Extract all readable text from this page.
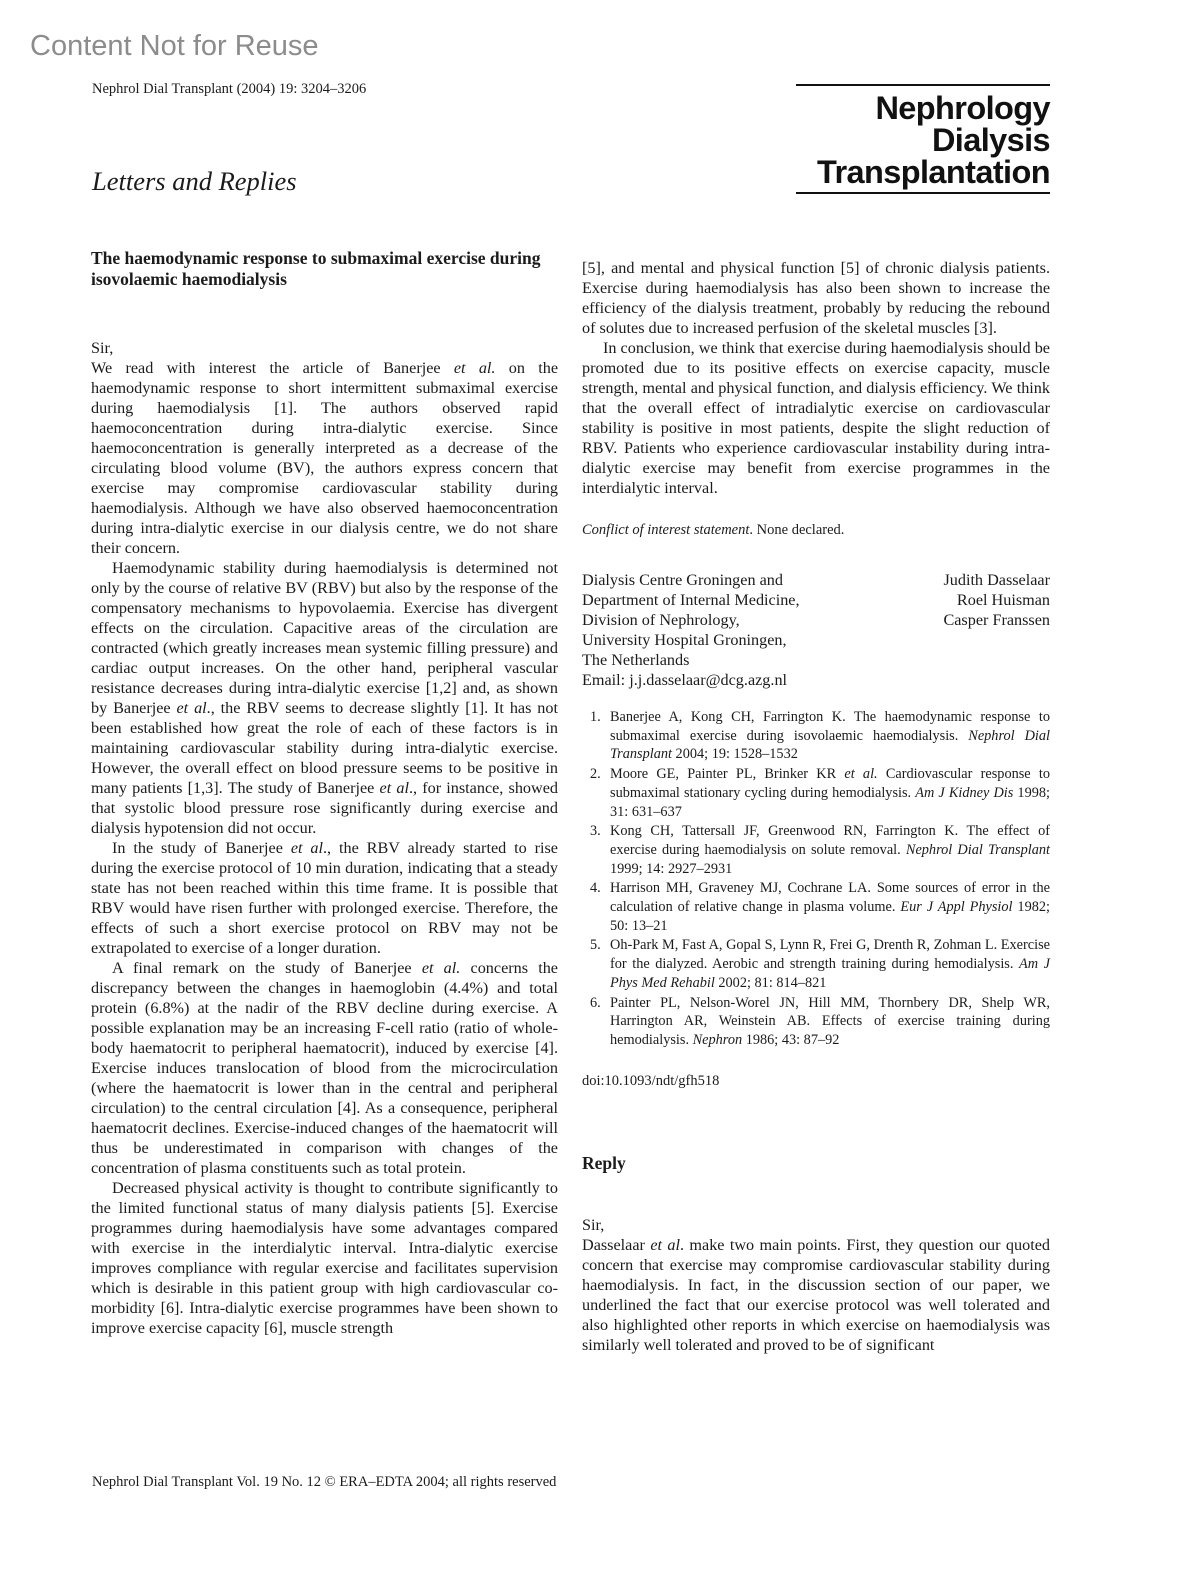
Content Not for Reuse
Nephrol Dial Transplant (2004) 19: 3204–3206
Nephrology
Dialysis
Transplantation
Letters and Replies

The haemodynamic response to submaximal exercise during isovolaemic haemodialysis

Sir,

We read with interest the article of Banerjee et al. on the haemodynamic response to short intermittent submaximal exercise during haemodialysis [1]. The authors observed rapid haemoconcentration during intra-dialytic exercise. Since haemoconcentration is generally interpreted as a decrease of the circulating blood volume (BV), the authors express concern that exercise may compromise cardiovascular stability during haemodialysis. Although we have also observed haemoconcentration during intra-dialytic exercise in our dialysis centre, we do not share their concern.

Haemodynamic stability during haemodialysis is determined not only by the course of relative BV (RBV) but also by the response of the compensatory mechanisms to hypovolaemia. Exercise has divergent effects on the circulation. Capacitive areas of the circulation are contracted (which greatly increases mean systemic filling pressure) and cardiac output increases. On the other hand, peripheral vascular resistance decreases during intra-dialytic exercise [1,2] and, as shown by Banerjee et al., the RBV seems to decrease slightly [1]. It has not been established how great the role of each of these factors is in maintaining cardiovascular stability during intra-dialytic exercise. However, the overall effect on blood pressure seems to be positive in many patients [1,3]. The study of Banerjee et al., for instance, showed that systolic blood pressure rose significantly during exercise and dialysis hypotension did not occur.

In the study of Banerjee et al., the RBV already started to rise during the exercise protocol of 10 min duration, indicating that a steady state has not been reached within this time frame. It is possible that RBV would have risen further with prolonged exercise. Therefore, the effects of such a short exercise protocol on RBV may not be extrapolated to exercise of a longer duration.

A final remark on the study of Banerjee et al. concerns the discrepancy between the changes in haemoglobin (4.4%) and total protein (6.8%) at the nadir of the RBV decline during exercise. A possible explanation may be an increasing F-cell ratio (ratio of whole-body haematocrit to peripheral haematocrit), induced by exercise [4]. Exercise induces translocation of blood from the microcirculation (where the haematocrit is lower than in the central and peripheral circulation) to the central circulation [4]. As a consequence, peripheral haematocrit declines. Exercise-induced changes of the haematocrit will thus be underestimated in comparison with changes of the concentration of plasma constituents such as total protein.

Decreased physical activity is thought to contribute significantly to the limited functional status of many dialysis patients [5]. Exercise programmes during haemodialysis have some advantages compared with exercise in the interdialytic interval. Intra-dialytic exercise improves compliance with regular exercise and facilitates supervision which is desirable in this patient group with high cardiovascular co-morbidity [6]. Intra-dialytic exercise programmes have been shown to improve exercise capacity [6], muscle strength

[5], and mental and physical function [5] of chronic dialysis patients. Exercise during haemodialysis has also been shown to increase the efficiency of the dialysis treatment, probably by reducing the rebound of solutes due to increased perfusion of the skeletal muscles [3].

In conclusion, we think that exercise during haemodialysis should be promoted due to its positive effects on exercise capacity, muscle strength, mental and physical function, and dialysis efficiency. We think that the overall effect of intradialytic exercise on cardiovascular stability is positive in most patients, despite the slight reduction of RBV. Patients who experience cardiovascular instability during intra-dialytic exercise may benefit from exercise programmes in the interdialytic interval.

Conflict of interest statement. None declared.

Dialysis Centre Groningen and	Judith Dasselaar
Department of Internal Medicine,	Roel Huisman
Division of Nephrology,	Casper Franssen
University Hospital Groningen,
The Netherlands
Email: j.j.dasselaar@dcg.azg.nl
1. Banerjee A, Kong CH, Farrington K. The haemodynamic response to submaximal exercise during isovolaemic haemodialysis. Nephrol Dial Transplant 2004; 19: 1528–1532
2. Moore GE, Painter PL, Brinker KR et al. Cardiovascular response to submaximal stationary cycling during hemodialysis. Am J Kidney Dis 1998; 31: 631–637
3. Kong CH, Tattersall JF, Greenwood RN, Farrington K. The effect of exercise during haemodialysis on solute removal. Nephrol Dial Transplant 1999; 14: 2927–2931
4. Harrison MH, Graveney MJ, Cochrane LA. Some sources of error in the calculation of relative change in plasma volume. Eur J Appl Physiol 1982; 50: 13–21
5. Oh-Park M, Fast A, Gopal S, Lynn R, Frei G, Drenth R, Zohman L. Exercise for the dialyzed. Aerobic and strength training during hemodialysis. Am J Phys Med Rehabil 2002; 81: 814–821
6. Painter PL, Nelson-Worel JN, Hill MM, Thornbery DR, Shelp WR, Harrington AR, Weinstein AB. Effects of exercise training during hemodialysis. Nephron 1986; 43: 87–92

doi:10.1093/ndt/gfh518

Reply

Sir,

Dasselaar et al. make two main points. First, they question our quoted concern that exercise may compromise cardiovascular stability during haemodialysis. In fact, in the discussion section of our paper, we underlined the fact that our exercise protocol was well tolerated and also highlighted other reports in which exercise on haemodialysis was similarly well tolerated and proved to be of significant

Nephrol Dial Transplant Vol. 19 No. 12 © ERA–EDTA 2004; all rights reserved
